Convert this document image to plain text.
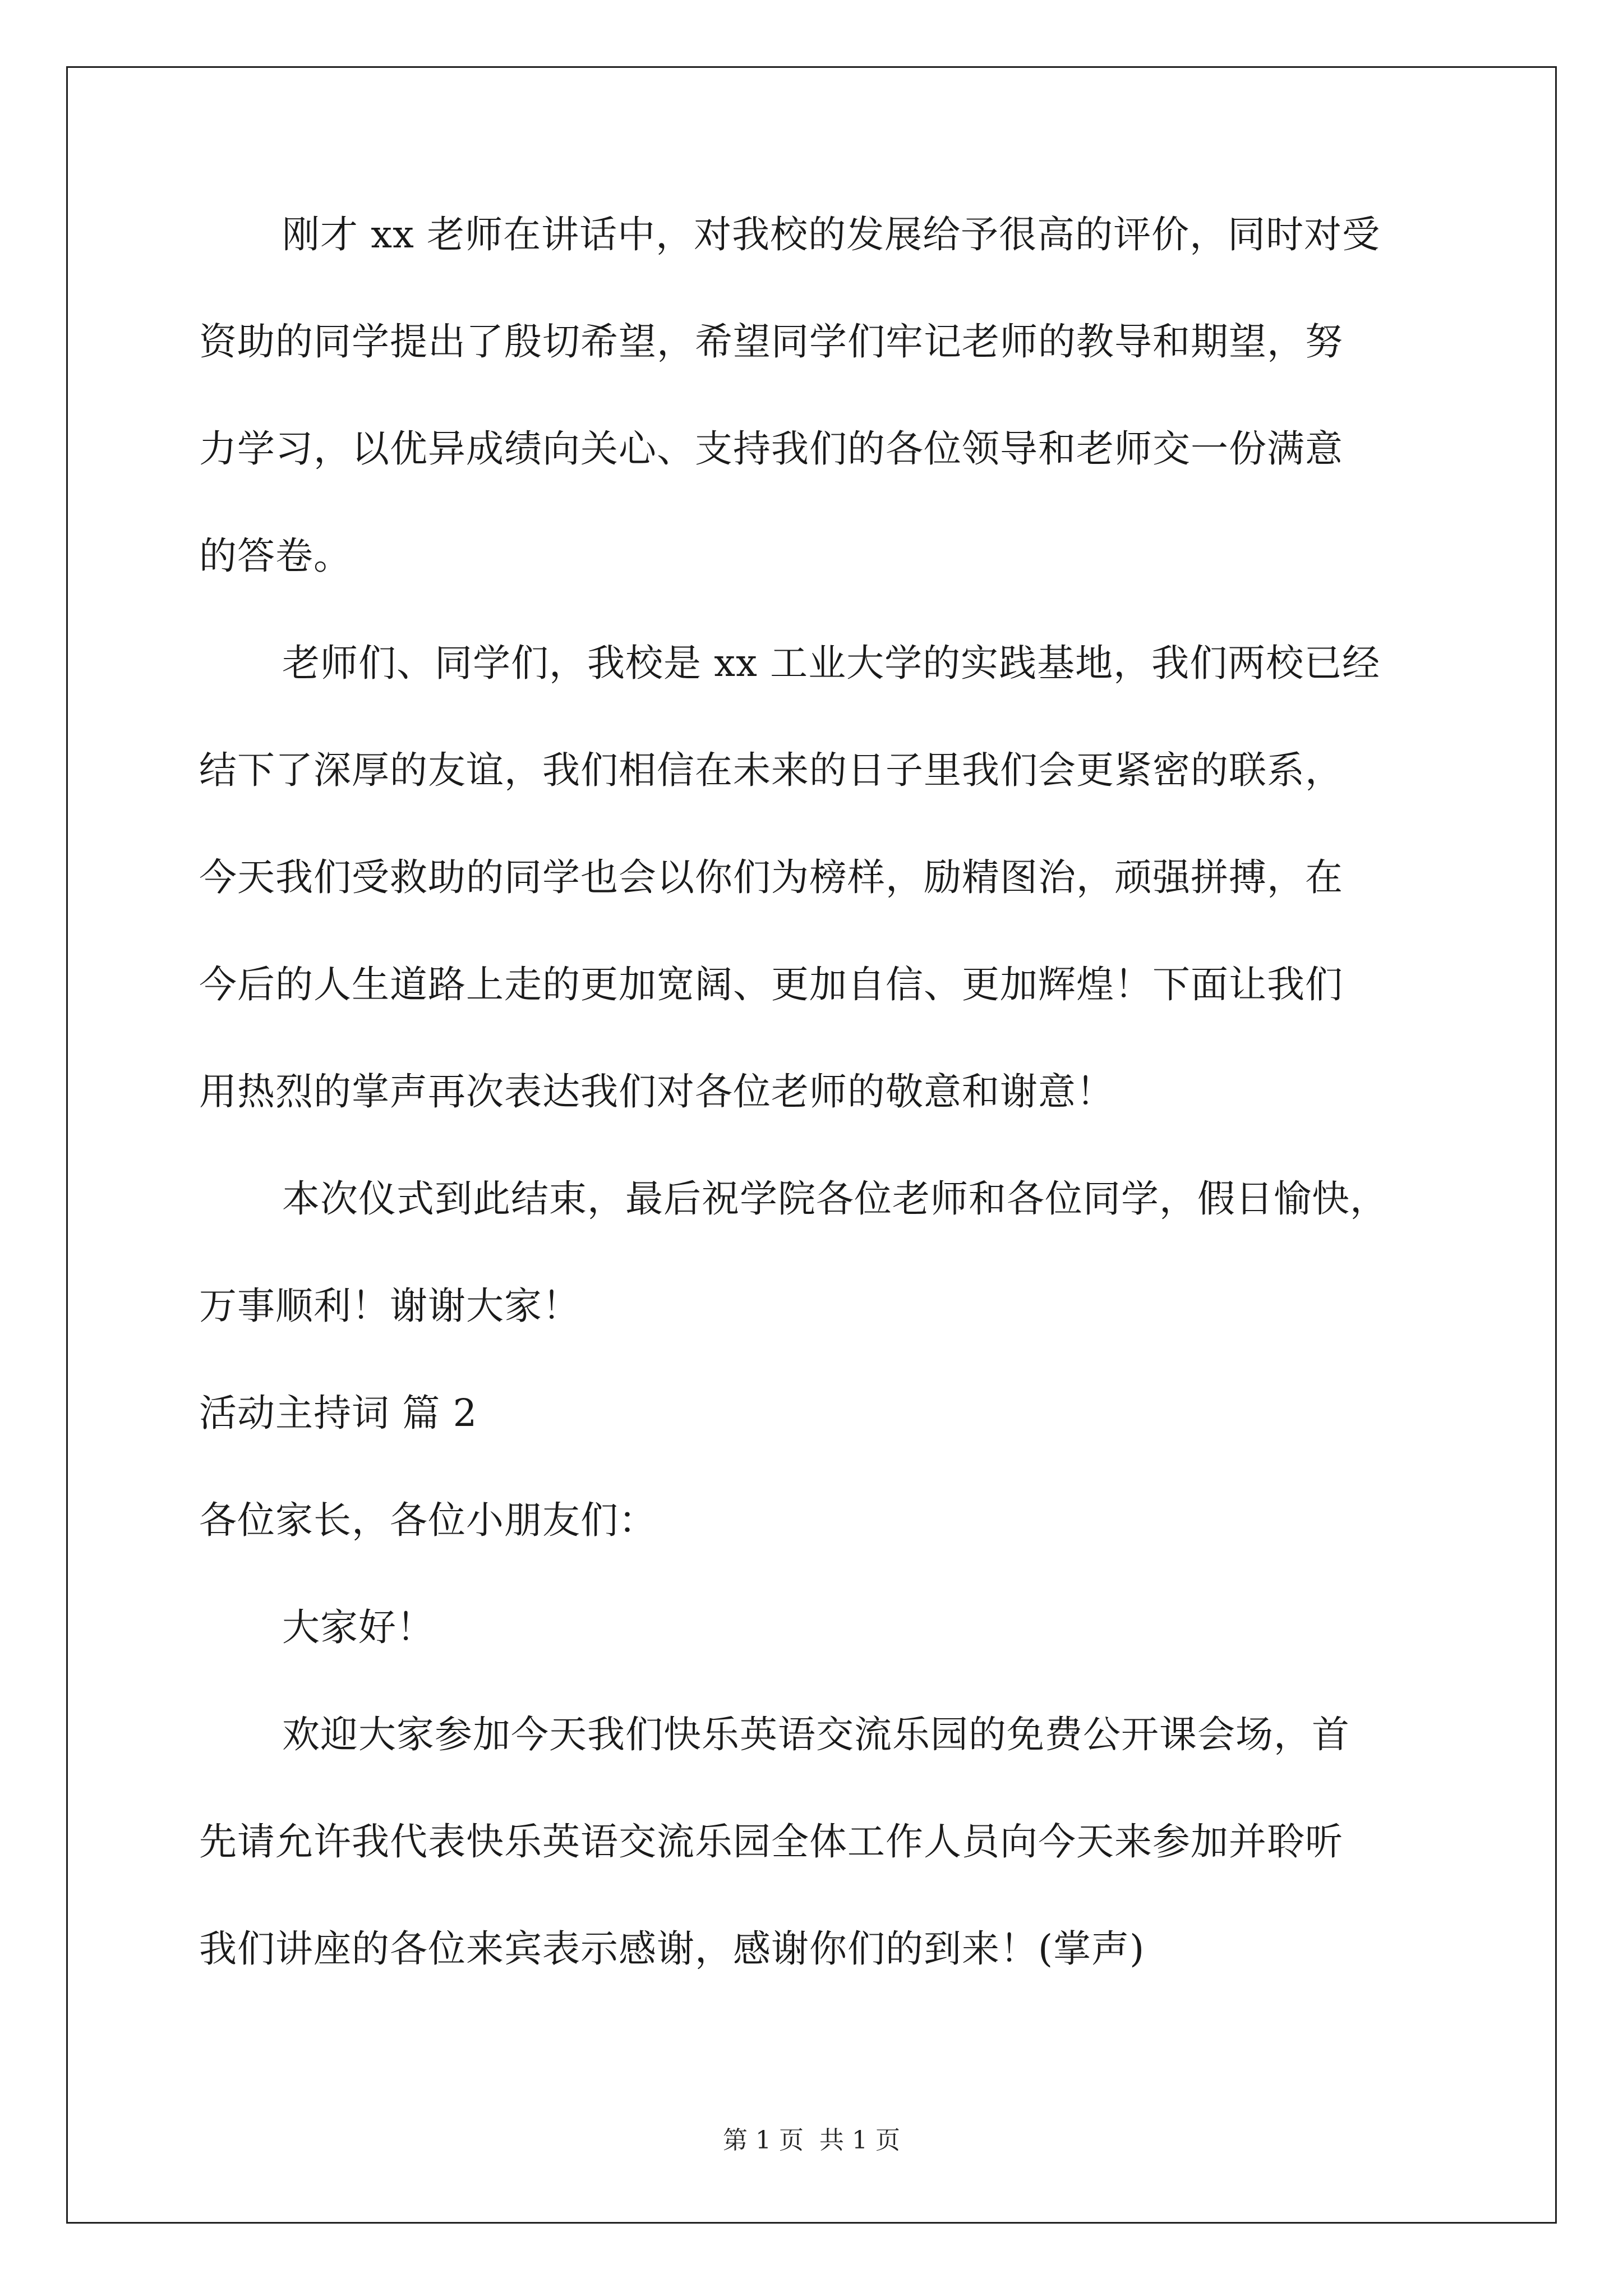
刚才 xx 老师在讲话中，对我校的发展给予很高的评价，同时对受
资助的同学提出了殷切希望，希望同学们牢记老师的教导和期望，努
力学习，以优异成绩向关心、支持我们的各位领导和老师交一份满意
的答卷。
老师们、同学们，我校是 xx 工业大学的实践基地，我们两校已经
结下了深厚的友谊，我们相信在未来的日子里我们会更紧密的联系，
今天我们受救助的同学也会以你们为榜样，励精图治，顽强拼搏，在
今后的人生道路上走的更加宽阔、更加自信、更加辉煌！下面让我们
用热烈的掌声再次表达我们对各位老师的敬意和谢意！
本次仪式到此结束，最后祝学院各位老师和各位同学，假日愉快，
万事顺利！谢谢大家！
活动主持词 篇 2
各位家长，各位小朋友们：
大家好！
欢迎大家参加今天我们快乐英语交流乐园的免费公开课会场，首
先请允许我代表快乐英语交流乐园全体工作人员向今天来参加并聆听
我们讲座的各位来宾表示感谢，感谢你们的到来！(掌声)
第 1 页 共 1 页
